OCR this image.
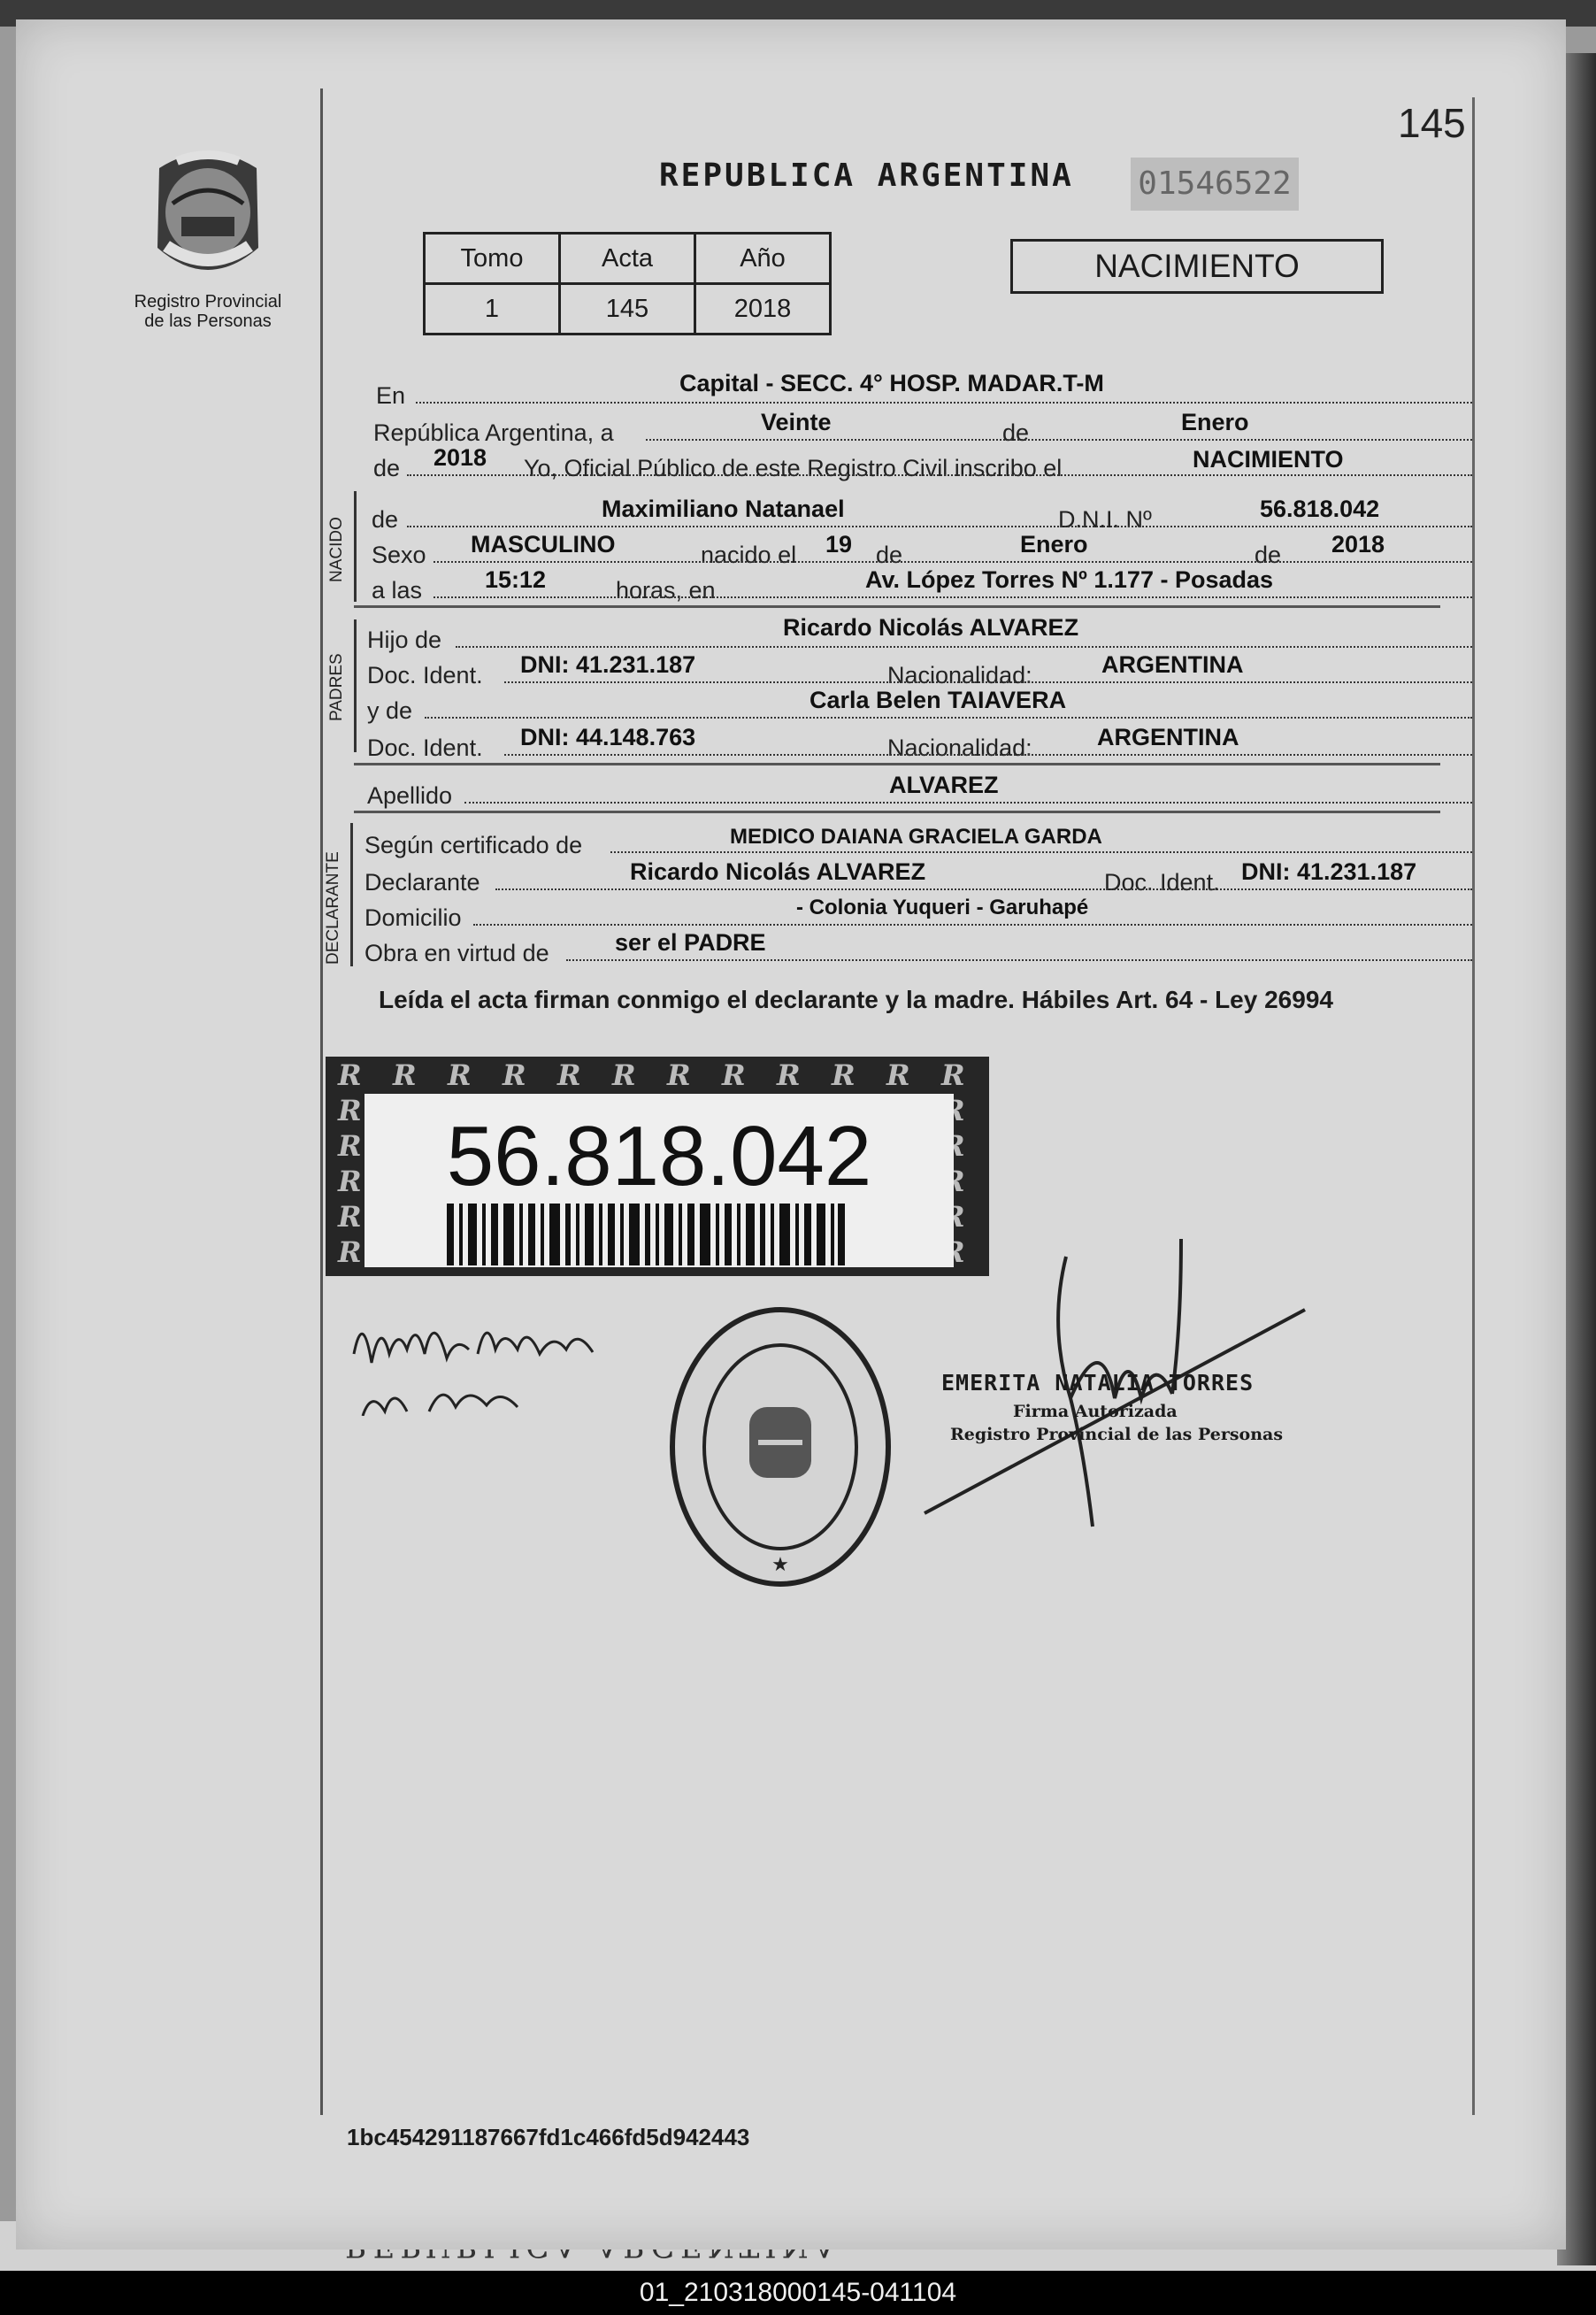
145
REPUBLICA ARGENTINA 01546522
Registro Provincial
de las Personas
Tomo	Acta	Año
1	145	2018
NACIMIENTO
En	Capital - SECC. 4° HOSP. MADAR.T-M
República Argentina, a	Veinte	de	Enero
de 2018 Yo, Oficial Público de este Registro Civil inscribo el	NACIMIENTO
NACIDO de	Maximiliano Natanael	D.N.I. Nº	56.818.042
Sexo MASCULINO	nacido el 19 de	Enero	de 2018
a las	15:12	horas, en	Av. López Torres Nº 1.177 - Posadas
PADRES
Hijo de	Ricardo Nicolás ALVAREZ
Doc. Ident. DNI: 41.231.187	Nacionalidad:	ARGENTINA
y de	Carla Belen TAIAVERA
Doc. Ident. DNI: 44.148.763	Nacionalidad:	ARGENTINA
Apellido	ALVAREZ
DECLARANTE
Según certificado de	MEDICO DAIANA GRACIELA GARDA
Declarante	Ricardo Nicolás ALVAREZ	Doc. Ident. DNI: 41.231.187
Domicilio	- Colonia Yuqueri - Garuhapé
Obra en virtud de	ser el PADRE
Leída el acta firman conmigo el declarante y la madre. Hábiles Art. 64 - Ley 26994
56.818.042
★
EMERITA NATALIA TORRES
Firma Autorizada
Registro Provincial de las Personas
1bc454291187667fd1c466fd5d942443
01_210318000145-041104
